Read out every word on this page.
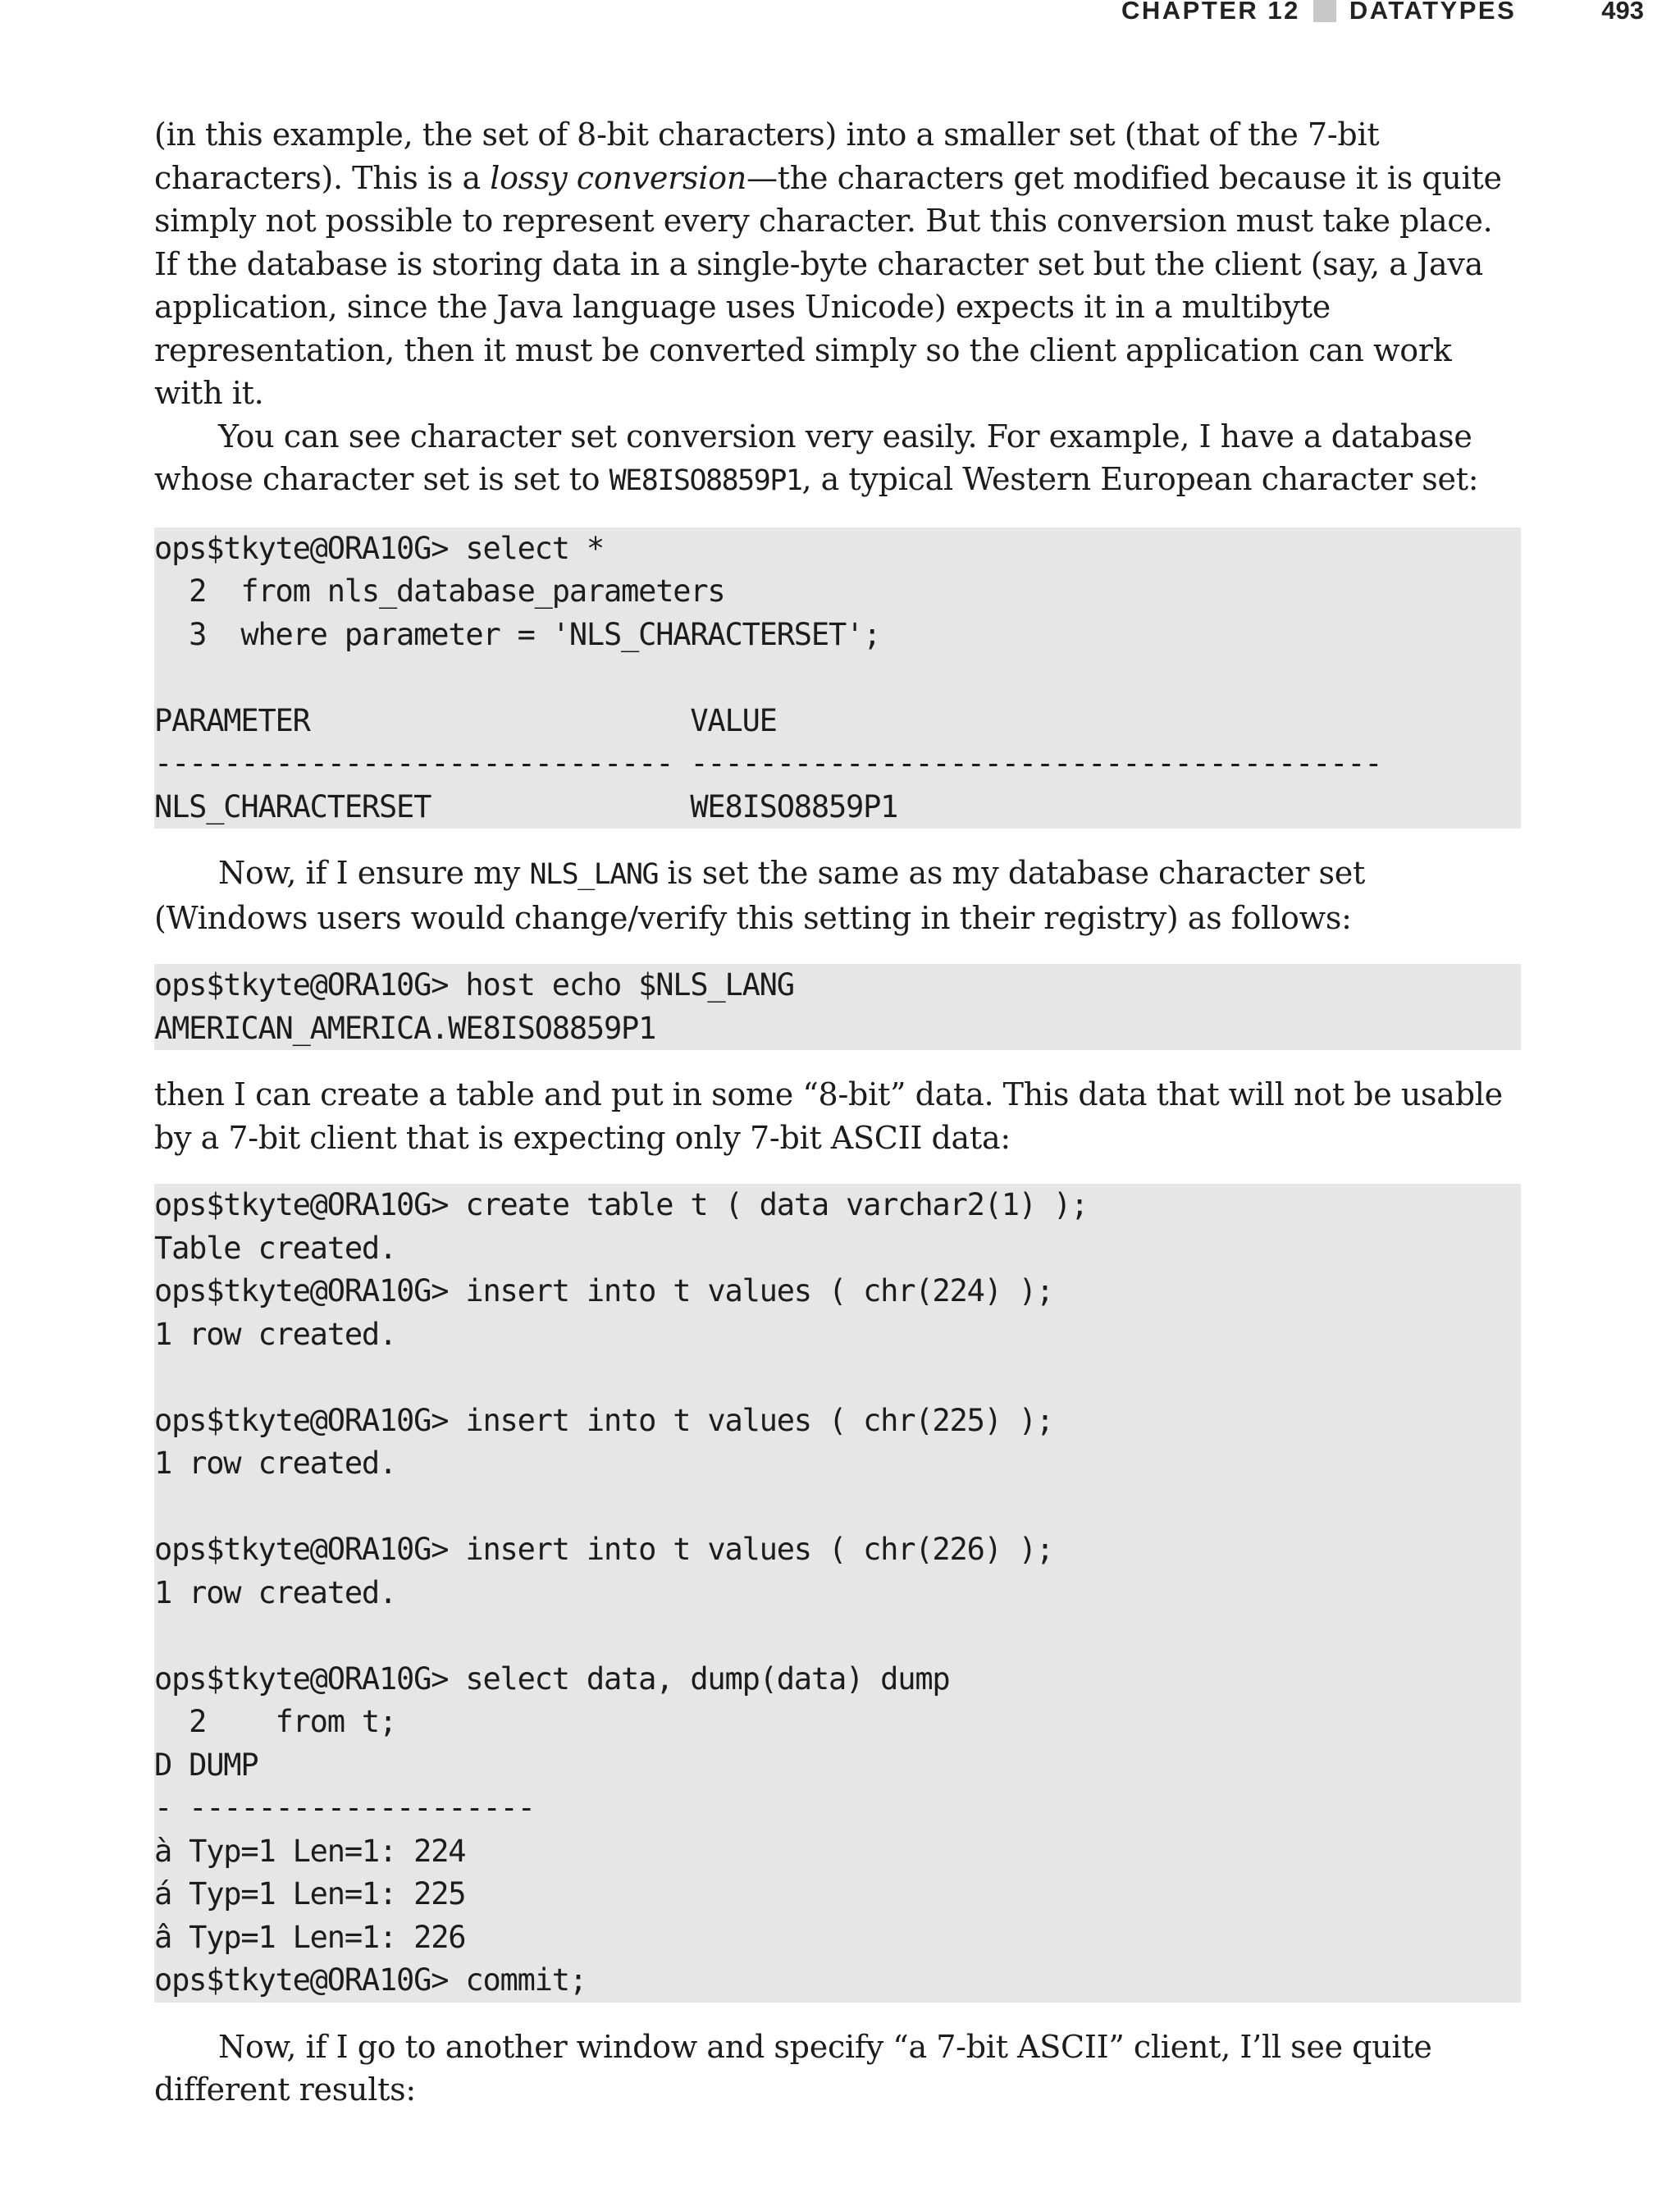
CHAPTER 12 DATATYPES	493

(in this example, the set of 8-bit characters) into a smaller set (that of the 7-bit characters). This is a lossy conversion—the characters get modified because it is quite simply not possible to represent every character. But this conversion must take place. If the database is storing data in a single-byte character set but the client (say, a Java application, since the Java language uses Unicode) expects it in a multibyte representation, then it must be converted simply so the client application can work with it.

You can see character set conversion very easily. For example, I have a database whose character set is set to WE8ISO8859P1, a typical Western European character set:

ops$tkyte@ORA10G> select *
2  from nls_database_parameters
3  where parameter = 'NLS_CHARACTERSET';

PARAMETER                      VALUE
------------------------------ ----------------------------------------
NLS_CHARACTERSET               WE8ISO8859P1

Now, if I ensure my NLS_LANG is set the same as my database character set (Windows users would change/verify this setting in their registry) as follows:

ops$tkyte@ORA10G> host echo $NLS_LANG
AMERICAN_AMERICA.WE8ISO8859P1

then I can create a table and put in some “8-bit” data. This data that will not be usable by a 7-bit client that is expecting only 7-bit ASCII data:

ops$tkyte@ORA10G> create table t ( data varchar2(1) );
Table created.
ops$tkyte@ORA10G> insert into t values ( chr(224) );
1 row created.

ops$tkyte@ORA10G> insert into t values ( chr(225) );
1 row created.

ops$tkyte@ORA10G> insert into t values ( chr(226) );
1 row created.

ops$tkyte@ORA10G> select data, dump(data) dump
2    from t;
D DUMP
- --------------------
à Typ=1 Len=1: 224
á Typ=1 Len=1: 225
â Typ=1 Len=1: 226
ops$tkyte@ORA10G> commit;

Now, if I go to another window and specify “a 7-bit ASCII” client, I’ll see quite different results:
